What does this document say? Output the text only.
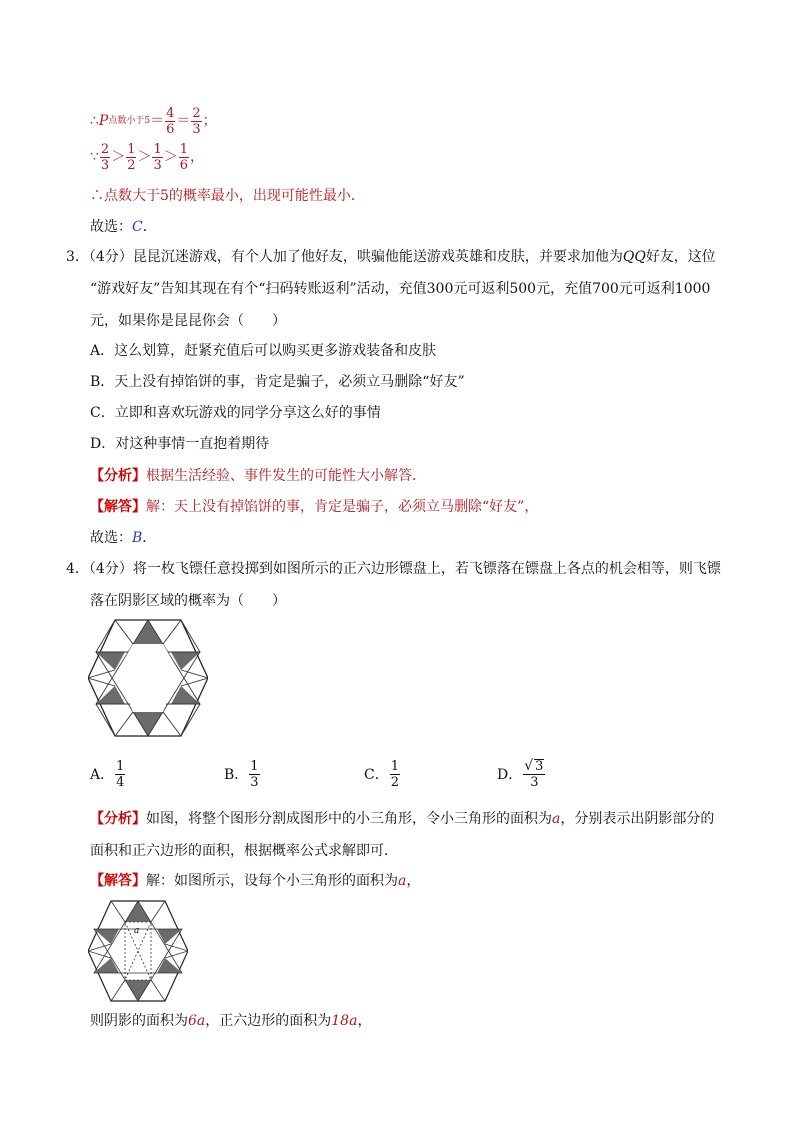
∴ P 点数小于$5 = \frac{4}{6} = \frac{2}{3}$ ；
∵ $\frac{2}{3} > \frac{1}{2} > \frac{1}{3} > \frac{1}{6}$ ，
∴点数大于5的概率最小，出现可能性最小．
故选：C．
3．（4分）昆昆沉迷游戏，有个人加了他好友，哄骗他能送游戏英雄和皮肤，并要求加他为QQ好友，这位
“游戏好友”告知其现在有个“扫码转账返利”活动，充值300元可返利500元，充值700元可返利1000
元，如果你是昆昆你会（　　）
A．这么划算，赶紧充值后可以购买更多游戏装备和皮肤
B．天上没有掉馅饼的事，肯定是骗子，必须立马删除“好友”
C．立即和喜欢玩游戏的同学分享这么好的事情
D．对这种事情一直抱着期待
【分析】根据生活经验、事件发生的可能性大小解答．
【解答】解：天上没有掉馅饼的事，肯定是骗子，必须立马删除“好友”，
故选：B．
4．（4分）将一枚飞镖任意投掷到如图所示的正六边形镖盘上，若飞镖落在镖盘上各点的机会相等，则飞镖
落在阴影区域的概率为（　　）
A． $\frac{1}{4}$	B． $\frac{1}{3}$	C． $\frac{1}{2}$	D． $\frac{√ 3}{3}$
【分析】如图，将整个图形分割成图形中的小三角形，令小三角形的面积为a，分别表示出阴影部分的
面积和正六边形的面积，根据概率公式求解即可．
【解答】解：如图所示，设每个小三角形的面积为a，
a
则阴影的面积为6a，正六边形的面积为18a，
